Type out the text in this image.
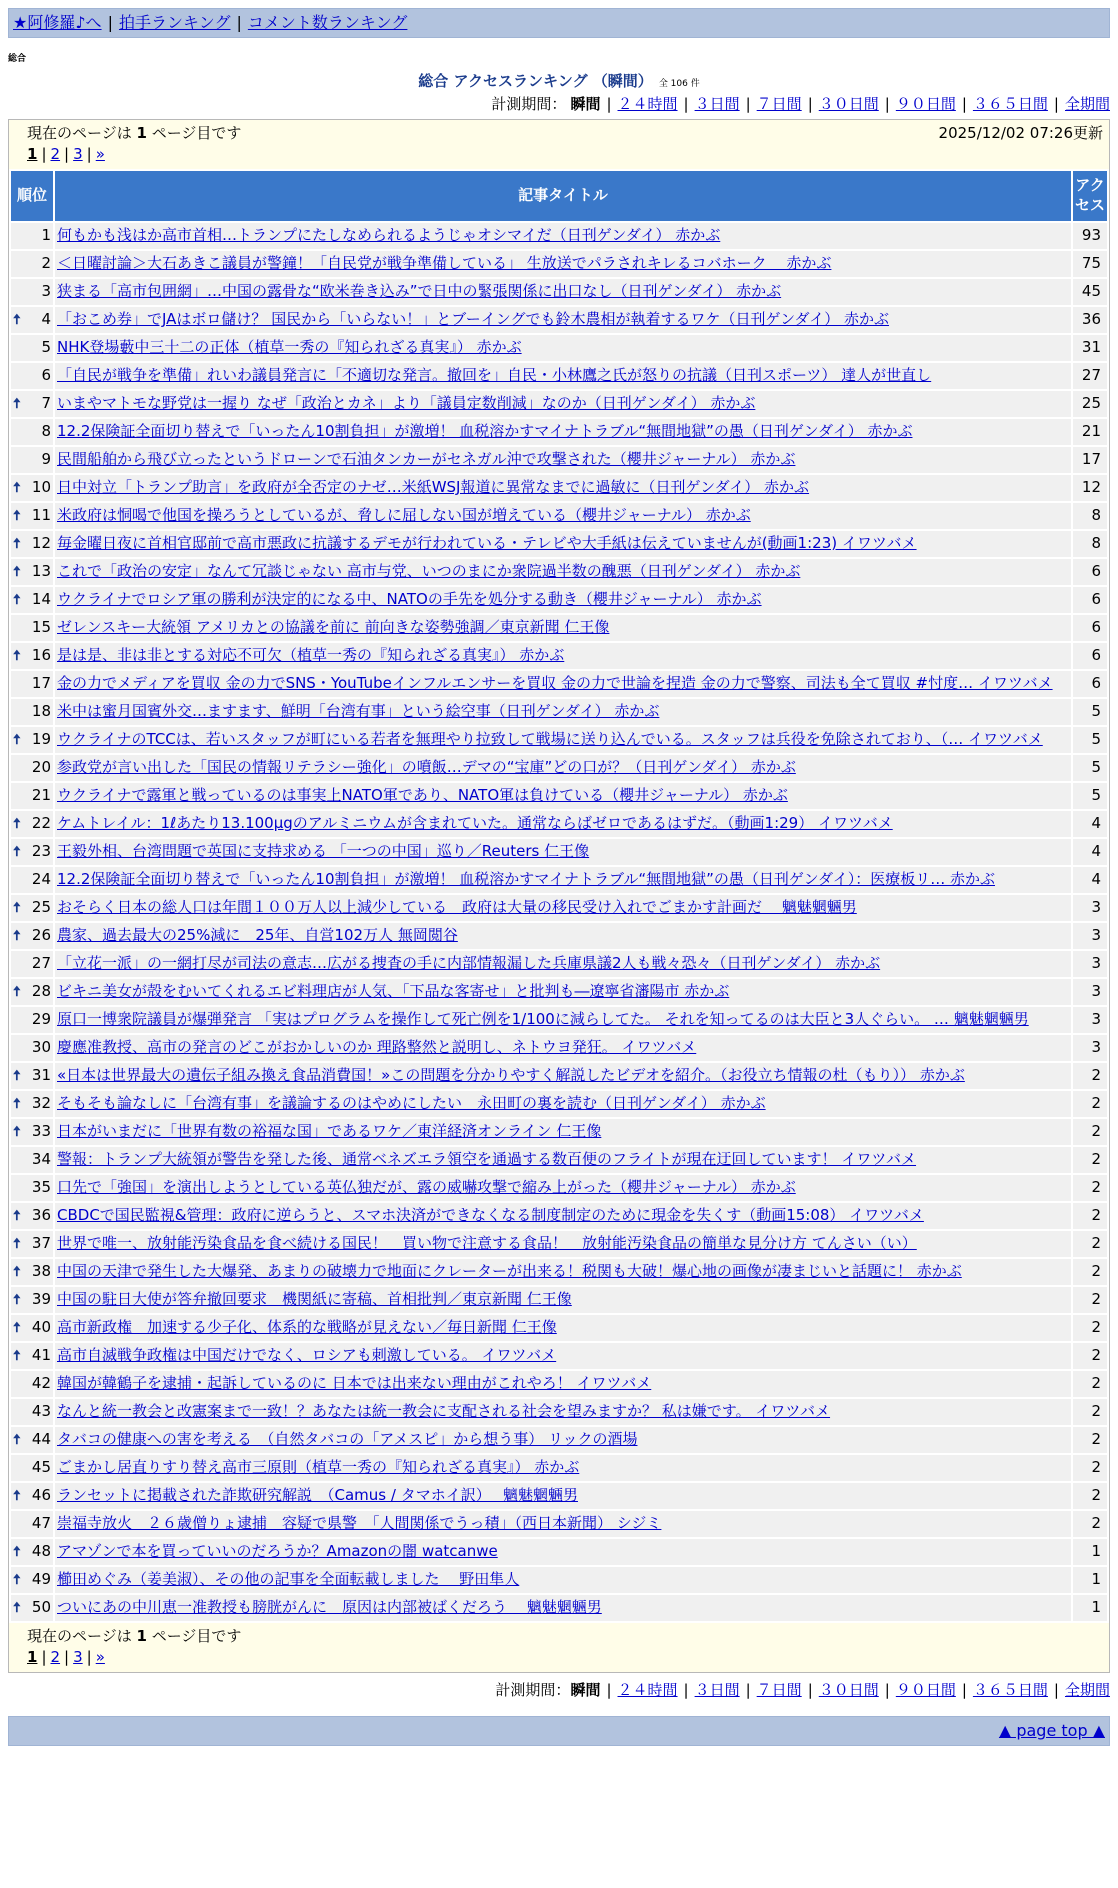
★阿修羅♪へ | 拍手ランキング | コメント数ランキング
総合
総合 アクセスランキング （瞬間） 全 106 件
計測期間： 瞬間 | ２４時間 | ３日間 | ７日間 | ３０日間 | ９０日間 | ３６５日間 | 全期間
現在のページは 1 ページ目です	2025/12/02 07:26更新
1 | 2 | 3 | »
順位	記事タイトル	アクセス
1	何もかも浅はか高市首相…トランプにたしなめられるようじゃオシマイだ（日刊ゲンダイ） 赤かぶ	93
2	＜日曜討論＞大石あきこ議員が警鐘！「自民党が戦争準備している」 生放送でパラされキレるコバホーク　 赤かぶ	75
3	狭まる「高市包囲網」…中国の露骨な“欧米巻き込み”で日中の緊張関係に出口なし（日刊ゲンダイ） 赤かぶ	45

🠅 4	「おこめ券」でJAはボロ儲け？ 国民から「いらない！」とブーイングでも鈴木農相が執着するワケ（日刊ゲンダイ） 赤かぶ	36
5	NHK登場藪中三十二の正体（植草一秀の『知られざる真実』） 赤かぶ	31
6	「自民が戦争を準備」れいわ議員発言に「不適切な発言。撤回を」自民・小林鷹之氏が怒りの抗議（日刊スポーツ） 達人が世直し	27

🠅 7	いまやマトモな野党は一握り なぜ「政治とカネ」より「議員定数削減」なのか（日刊ゲンダイ） 赤かぶ	25
8	12.2保険証全面切り替えで「いったん10割負担」が激増！ 血税溶かすマイナトラブル“無間地獄”の愚（日刊ゲンダイ） 赤かぶ	21
9	民間船舶から飛び立ったというドローンで石油タンカーがセネガル沖で攻撃された（櫻井ジャーナル） 赤かぶ	17

🠅 10	日中対立「トランプ助言」を政府が全否定のナゼ…米紙WSJ報道に異常なまでに過敏に（日刊ゲンダイ） 赤かぶ	12

🠅 11	米政府は恫喝で他国を操ろうとしているが、脅しに屈しない国が増えている（櫻井ジャーナル） 赤かぶ	8

🠅 12	毎金曜日夜に首相官邸前で高市悪政に抗議するデモが行われている・テレビや大手紙は伝えていませんが(動画1:23) イワツバメ	8

🠅 13	これで「政治の安定」なんて冗談じゃない 高市与党、いつのまにか衆院過半数の醜悪（日刊ゲンダイ） 赤かぶ	6

🠅 14	ウクライナでロシア軍の勝利が決定的になる中、NATOの手先を処分する動き（櫻井ジャーナル） 赤かぶ	6
15	ゼレンスキー大統領 アメリカとの協議を前に 前向きな姿勢強調／東京新聞 仁王像	6

🠅 16	是は是、非は非とする対応不可欠（植草一秀の『知られざる真実』） 赤かぶ	6
17	金の力でメディアを買収 金の力でSNS・YouTubeインフルエンサーを買収 金の力で世論を捏造 金の力で警察、司法も全て買収 #忖度… イワツバメ	6
18	米中は蜜月国賓外交…ますます、鮮明「台湾有事」という絵空事（日刊ゲンダイ） 赤かぶ	5

🠅 19	ウクライナのTCCは、若いスタッフが町にいる若者を無理やり拉致して戦場に送り込んでいる。スタッフは兵役を免除されており、（… イワツバメ	5
20	参政党が言い出した「国民の情報リテラシー強化」の噴飯…デマの“宝庫”どの口が？（日刊ゲンダイ） 赤かぶ	5
21	ウクライナで露軍と戦っているのは事実上NATO軍であり、NATO軍は負けている（櫻井ジャーナル） 赤かぶ	5

🠅 22	ケムトレイル：1ℓあたり13.100μgのアルミニウムが含まれていた。通常ならばゼロであるはずだ。（動画1:29） イワツバメ	4

🠅 23	王毅外相、台湾問題で英国に支持求める 「一つの中国」巡り／Reuters 仁王像	4
24	12.2保険証全面切り替えで「いったん10割負担」が激増！ 血税溶かすマイナトラブル“無間地獄”の愚（日刊ゲンダイ）：医療板リ… 赤かぶ	4

🠅 25	おそらく日本の総人口は年間１００万人以上減少している　政府は大量の移民受け入れでごまかす計画だ　 魑魅魍魎男	3

🠅 26	農家、過去最大の25%減に　25年、自営102万人 無岡閲谷	3
27	「立花一派」の一網打尽が司法の意志…広がる捜査の手に内部情報漏した兵庫県議2人も戦々恐々（日刊ゲンダイ） 赤かぶ	3

🠅 28	ビキニ美女が殻をむいてくれるエビ料理店が人気、「下品な客寄せ」と批判も―遼寧省瀋陽市 赤かぶ	3
29	原口一博衆院議員が爆弾発言 「実はプログラムを操作して死亡例を1/100に減らしてた。 それを知ってるのは大臣と3人ぐらい。 … 魑魅魍魎男	3
30	慶應准教授、高市の発言のどこがおかしいのか 理路整然と説明し、ネトウヨ発狂。 イワツバメ	3

🠅 31	«日本は世界最大の遺伝子組み換え食品消費国！»この問題を分かりやすく解説したビデオを紹介。（お役立ち情報の杜（もり）） 赤かぶ	2

🠅 32	そもそも論なしに「台湾有事」を議論するのはやめにしたい　永田町の裏を読む（日刊ゲンダイ） 赤かぶ	2

🠅 33	日本がいまだに「世界有数の裕福な国」であるワケ／東洋経済オンライン 仁王像	2
34	警報：トランプ大統領が警告を発した後、通常ベネズエラ領空を通過する数百便のフライトが現在迂回しています！ イワツバメ	2
35	口先で「強国」を演出しようとしている英仏独だが、露の威嚇攻撃で縮み上がった（櫻井ジャーナル） 赤かぶ	2

🠅 36	CBDCで国民監視&管理：政府に逆らうと、スマホ決済ができなくなる制度制定のために現金を失くす（動画15:08） イワツバメ	2

🠅 37	世界で唯一、放射能汚染食品を食べ続ける国民！　買い物で注意する食品！　放射能汚染食品の簡単な見分け方 てんさい（い）	2

🠅 38	中国の天津で発生した大爆発、あまりの破壊力で地面にクレーターが出来る！税関も大破！爆心地の画像が凄まじいと話題に！ 赤かぶ	2

🠅 39	中国の駐日大使が答弁撤回要求　機関紙に寄稿、首相批判／東京新聞 仁王像	2

🠅 40	高市新政権　加速する少子化、体系的な戦略が見えない／毎日新聞 仁王像	2

🠅 41	高市自滅戦争政権は中国だけでなく、ロシアも刺激している。 イワツバメ	2
42	韓国が韓鶴子を逮捕・起訴しているのに 日本では出来ない理由がこれやろ！ イワツバメ	2
43	なんと統一教会と改憲案まで一致！？あなたは統一教会に支配される社会を望みますか？ 私は嫌です。 イワツバメ	2

🠅 44	タバコの健康への害を考える　（自然タバコの「アメスピ」から想う事） リックの酒場	2
45	ごまかし居直りすり替え高市三原則（植草一秀の『知られざる真実』） 赤かぶ	2

🠅 46	ランセットに掲載された詐欺研究解説　（Camus / タマホイ訳）　 魑魅魍魎男	2
47	崇福寺放火　２６歳僧りょ逮捕　容疑で県警　「人間関係でうっ積」（西日本新聞） シジミ	2

🠅 48	アマゾンで本を買っていいのだろうか？Amazonの闇 watcanwe	1

🠅 49	櫛田めぐみ（姜美淑）、その他の記事を全面転載しました　 野田隼人	1

🠅 50	ついにあの中川恵一准教授も膀胱がんに　原因は内部被ばくだろう　 魑魅魍魎男	1
現在のページは 1 ページ目です
1 | 2 | 3 | »
計測期間：瞬間 | ２４時間 | ３日間 | ７日間 | ３０日間 | ９０日間 | ３６５日間 | 全期間
▲ page top ▲
